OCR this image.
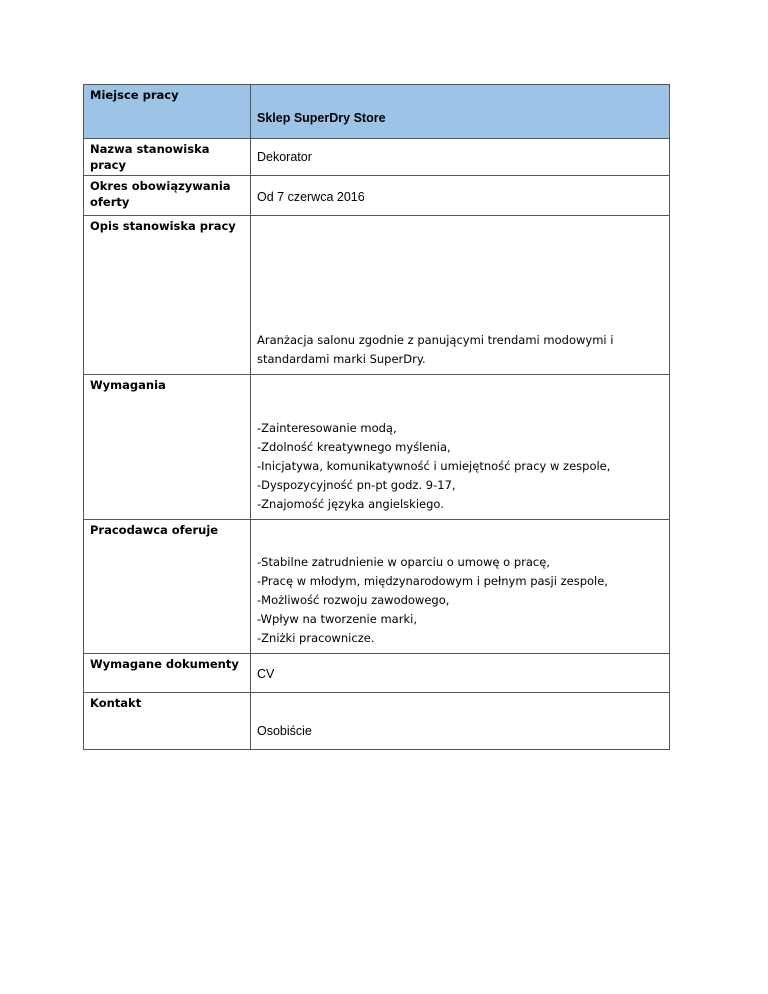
Miejsce pracy	Sklep SuperDry Store
Nazwa stanowiska pracy	Dekorator
Okres obowiązywania oferty	Od 7 czerwca 2016
Opis stanowiska pracy	Aranżacja salonu zgodnie z panującymi trendami modowymi i
standardami marki SuperDry.

Wymagania	-Zainteresowanie modą,
-Zdolność kreatywnego myślenia,
-Inicjatywa, komunikatywność i umiejętność pracy w zespole,
-Dyspozycyjność pn-pt godz. 9-17,
-Znajomość języka angielskiego.

Pracodawca oferuje	-Stabilne zatrudnienie w oparciu o umowę o pracę,
-Pracę w młodym, międzynarodowym i pełnym pasji zespole,
-Możliwość rozwoju zawodowego,
-Wpływ na tworzenie marki,
-Zniżki pracownicze.

Wymagane dokumenty	CV
Kontakt	Osobiście
